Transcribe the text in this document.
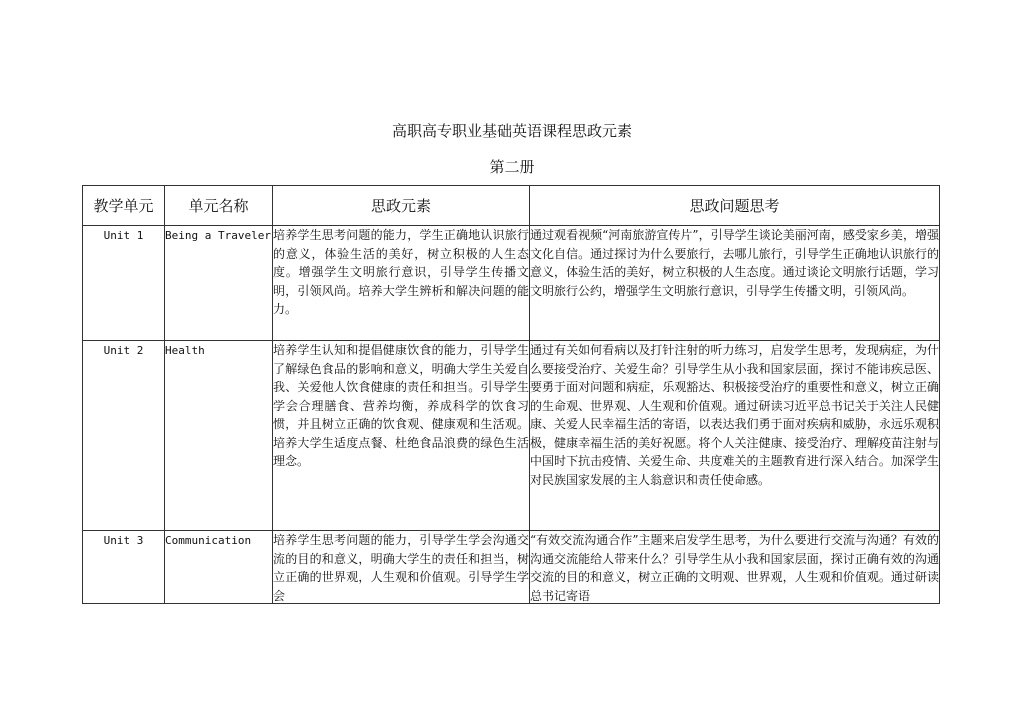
高职高专职业基础英语课程思政元素
第二册
教学单元	单元名称	思政元素	思政问题思考
Unit 1	Being a Traveler	培养学生思考问题的能力，学生正确地认识旅行的意义，体验生活的美好，树立积极的人生态度。增强学生文明旅行意识，引导学生传播文明，引领风尚。培养大学生辨析和解决问题的能力。	通过观看视频“河南旅游宣传片”，引导学生谈论美丽河南，感受家乡美，增强文化自信。通过探讨为什么要旅行，去哪儿旅行，引导学生正确地认识旅行的意义，体验生活的美好，树立积极的人生态度。通过谈论文明旅行话题，学习文明旅行公约，增强学生文明旅行意识，引导学生传播文明，引领风尚。
Unit 2	Health	培养学生认知和提倡健康饮食的能力，引导学生了解绿色食品的影响和意义，明确大学生关爱自我、关爱他人饮食健康的责任和担当。引导学生学会合理膳食、营养均衡，养成科学的饮食习惯，并且树立正确的饮食观、健康观和生活观。培养大学生适度点餐、杜绝食品浪费的绿色生活理念。	通过有关如何看病以及打针注射的听力练习，启发学生思考，发现病症，为什么要接受治疗、关爱生命？引导学生从小我和国家层面，探讨不能讳疾忌医、要勇于面对问题和病症，乐观豁达、积极接受治疗的重要性和意义，树立正确的生命观、世界观、人生观和价值观。通过研读习近平总书记关于关注人民健康、关爱人民幸福生活的寄语，以表达我们勇于面对疾病和威胁，永远乐观积极，健康幸福生活的美好祝愿。将个人关注健康、接受治疗、理解疫苗注射与中国时下抗击疫情、关爱生命、共度难关的主题教育进行深入结合。加深学生对民族国家发展的主人翁意识和责任使命感。
Unit 3	Communication	培养学生思考问题的能力，引导学生学会沟通交流的目的和意义，明确大学生的责任和担当，树立正确的世界观，人生观和价值观。引导学生学会	“有效交流沟通合作”主题来启发学生思考，为什么要进行交流与沟通？有效的沟通交流能给人带来什么？引导学生从小我和国家层面，探讨正确有效的沟通交流的目的和意义，树立正确的文明观、世界观，人生观和价值观。通过研读总书记寄语
